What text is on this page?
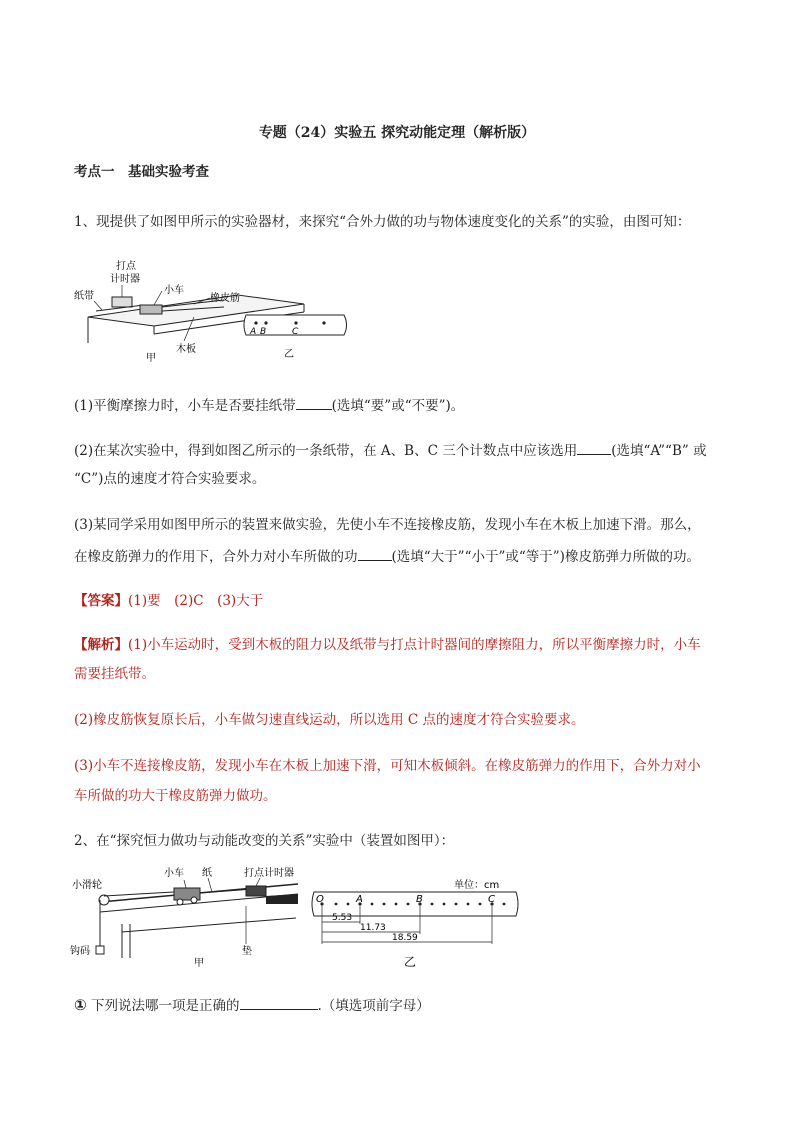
专题（24）实验五 探究动能定理（解析版）
考点一　基础实验考查
1、现提供了如图甲所示的实验器材，来探究“合外力做的功与物体速度变化的关系”的实验，由图可知：
打点
计时器
小车
橡皮筋
纸带
木板
甲
A B	C
乙
(1)平衡摩擦力时，小车是否要挂纸带	(选填“要”或“不要”)。
(2)在某次实验中，得到如图乙所示的一条纸带，在 A、B、C 三个计数点中应该选用	(选填“A”“B” 或
“C”)点的速度才符合实验要求。
(3)某同学采用如图甲所示的装置来做实验，先使小车不连接橡皮筋，发现小车在木板上加速下滑。那么，
在橡皮筋弹力的作用下，合外力对小车所做的功	(选填“大于”“小于”或“等于”)橡皮筋弹力所做的功。
【答案】(1)要　(2)C　(3)大于
【解析】(1)小车运动时，受到木板的阻力以及纸带与打点计时器间的摩擦阻力，所以平衡摩擦力时，小车
需要挂纸带。
(2)橡皮筋恢复原长后，小车做匀速直线运动，所以选用 C 点的速度才符合实验要求。
(3)小车不连接橡皮筋，发现小车在木板上加速下滑，可知木板倾斜。在橡皮筋弹力的作用下，合外力对小
车所做的功大于橡皮筋弹力做功。
2、在“探究恒力做功与动能改变的关系”实验中（装置如图甲）：
小滑轮
小车 纸	打点计时器
钩码	垫
甲
O	A	B	C
单位：cm
5.53
11.73
18.59
乙
① 下列说法哪一项是正确的	.（填选项前字母）
